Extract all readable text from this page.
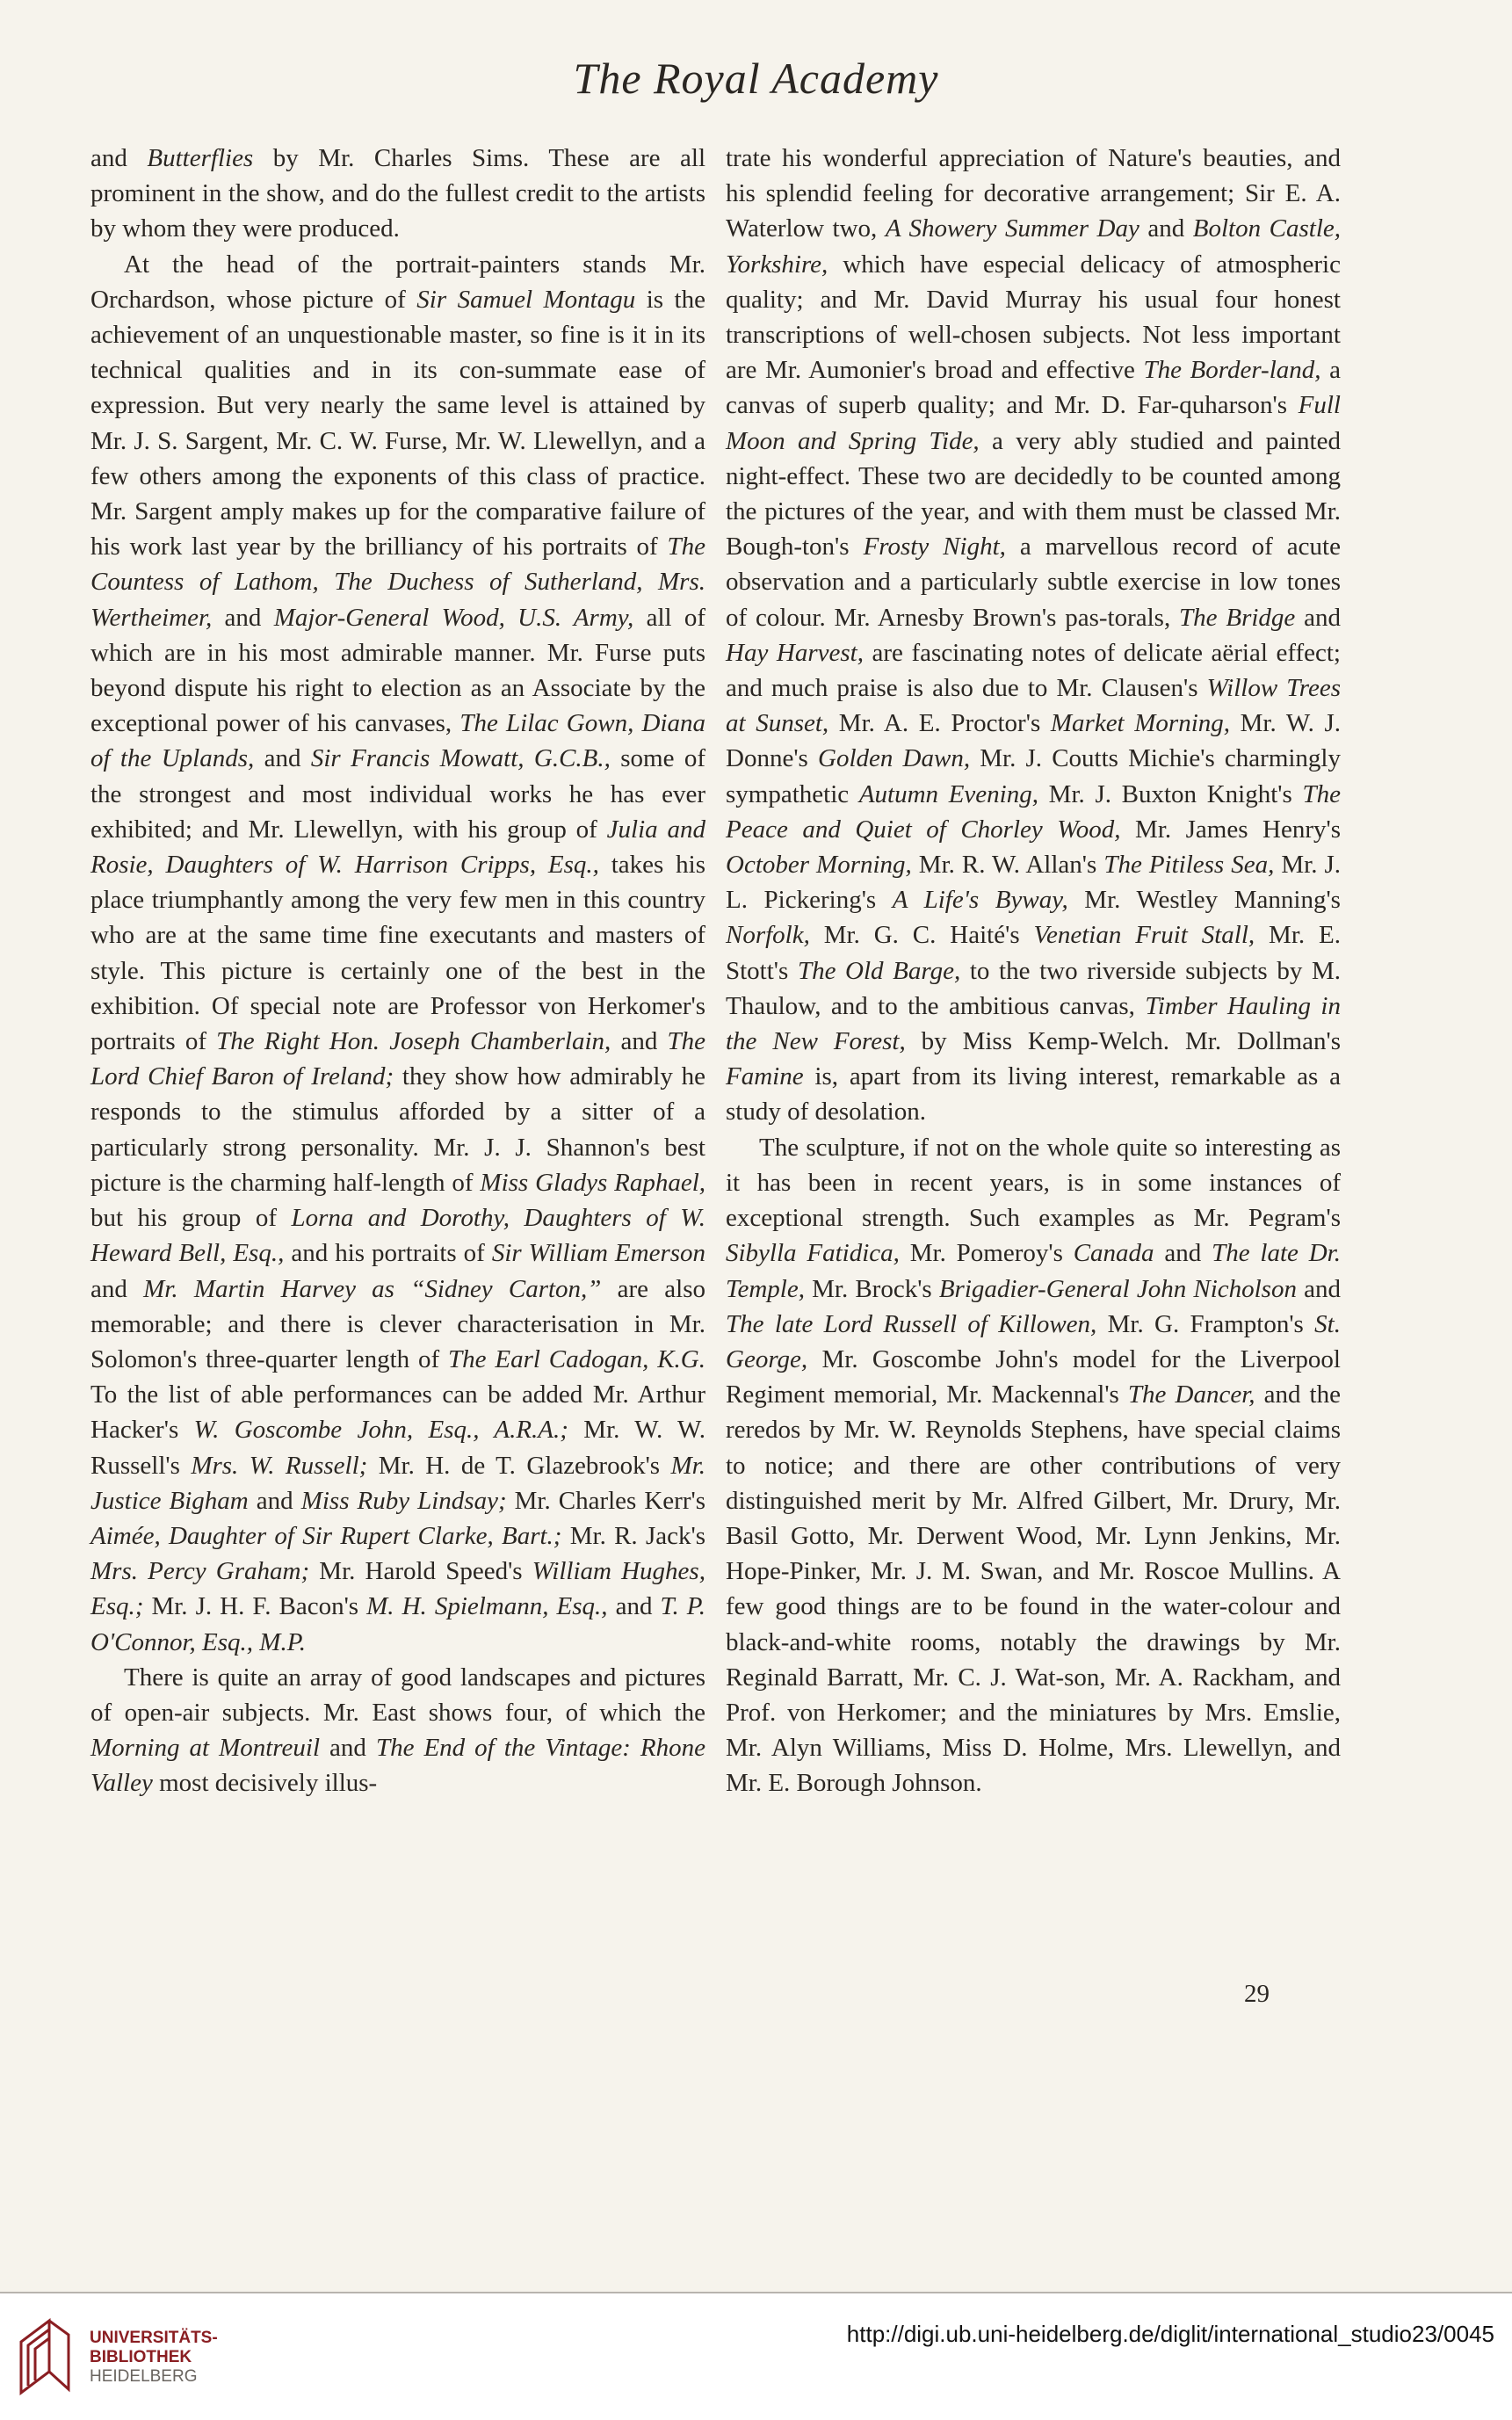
The Royal Academy

and Butterflies by Mr. Charles Sims. These are all prominent in the show, and do the fullest credit to the artists by whom they were produced.

At the head of the portrait-painters stands Mr. Orchardson, whose picture of Sir Samuel Montagu is the achievement of an unquestionable master, so fine is it in its technical qualities and in its con-summate ease of expression. But very nearly the same level is attained by Mr. J. S. Sargent, Mr. C. W. Furse, Mr. W. Llewellyn, and a few others among the exponents of this class of practice. Mr. Sargent amply makes up for the comparative failure of his work last year by the brilliancy of his portraits of The Countess of Lathom, The Duchess of Sutherland, Mrs. Wertheimer, and Major-General Wood, U.S. Army, all of which are in his most admirable manner. Mr. Furse puts beyond dispute his right to election as an Associate by the exceptional power of his canvases, The Lilac Gown, Diana of the Uplands, and Sir Francis Mowatt, G.C.B., some of the strongest and most individual works he has ever exhibited; and Mr. Llewellyn, with his group of Julia and Rosie, Daughters of W. Harrison Cripps, Esq., takes his place triumphantly among the very few men in this country who are at the same time fine executants and masters of style. This picture is certainly one of the best in the exhibition. Of special note are Professor von Herkomer's portraits of The Right Hon. Joseph Chamberlain, and The Lord Chief Baron of Ireland; they show how admirably he responds to the stimulus afforded by a sitter of a particularly strong personality. Mr. J. J. Shannon's best picture is the charming half-length of Miss Gladys Raphael, but his group of Lorna and Dorothy, Daughters of W. Heward Bell, Esq., and his portraits of Sir William Emerson and Mr. Martin Harvey as “Sidney Carton,” are also memorable; and there is clever characterisation in Mr. Solomon's three-quarter length of The Earl Cadogan, K.G. To the list of able performances can be added Mr. Arthur Hacker's W. Goscombe John, Esq., A.R.A.; Mr. W. W. Russell's Mrs. W. Russell; Mr. H. de T. Glazebrook's Mr. Justice Bigham and Miss Ruby Lindsay; Mr. Charles Kerr's Aimée, Daughter of Sir Rupert Clarke, Bart.; Mr. R. Jack's Mrs. Percy Graham; Mr. Harold Speed's William Hughes, Esq.; Mr. J. H. F. Bacon's M. H. Spielmann, Esq., and T. P. O'Connor, Esq., M.P.

There is quite an array of good landscapes and pictures of open-air subjects. Mr. East shows four, of which the Morning at Montreuil and The End of the Vintage: Rhone Valley most decisively illus-

trate his wonderful appreciation of Nature's beauties, and his splendid feeling for decorative arrangement; Sir E. A. Waterlow two, A Showery Summer Day and Bolton Castle, Yorkshire, which have especial delicacy of atmospheric quality; and Mr. David Murray his usual four honest transcriptions of well-chosen subjects. Not less important are Mr. Aumonier's broad and effective The Border-land, a canvas of superb quality; and Mr. D. Far-quharson's Full Moon and Spring Tide, a very ably studied and painted night-effect. These two are decidedly to be counted among the pictures of the year, and with them must be classed Mr. Bough-ton's Frosty Night, a marvellous record of acute observation and a particularly subtle exercise in low tones of colour. Mr. Arnesby Brown's pas-torals, The Bridge and Hay Harvest, are fascinating notes of delicate aërial effect; and much praise is also due to Mr. Clausen's Willow Trees at Sunset, Mr. A. E. Proctor's Market Morning, Mr. W. J. Donne's Golden Dawn, Mr. J. Coutts Michie's charmingly sympathetic Autumn Evening, Mr. J. Buxton Knight's The Peace and Quiet of Chorley Wood, Mr. James Henry's October Morning, Mr. R. W. Allan's The Pitiless Sea, Mr. J. L. Pickering's A Life's Byway, Mr. Westley Manning's Norfolk, Mr. G. C. Haité's Venetian Fruit Stall, Mr. E. Stott's The Old Barge, to the two riverside subjects by M. Thaulow, and to the ambitious canvas, Timber Hauling in the New Forest, by Miss Kemp-Welch. Mr. Dollman's Famine is, apart from its living interest, remarkable as a study of desolation.

The sculpture, if not on the whole quite so interesting as it has been in recent years, is in some instances of exceptional strength. Such examples as Mr. Pegram's Sibylla Fatidica, Mr. Pomeroy's Canada and The late Dr. Temple, Mr. Brock's Brigadier-General John Nicholson and The late Lord Russell of Killowen, Mr. G. Frampton's St. George, Mr. Goscombe John's model for the Liverpool Regiment memorial, Mr. Mackennal's The Dancer, and the reredos by Mr. W. Reynolds Stephens, have special claims to notice; and there are other contributions of very distinguished merit by Mr. Alfred Gilbert, Mr. Drury, Mr. Basil Gotto, Mr. Derwent Wood, Mr. Lynn Jenkins, Mr. Hope-Pinker, Mr. J. M. Swan, and Mr. Roscoe Mullins. A few good things are to be found in the water-colour and black-and-white rooms, notably the drawings by Mr. Reginald Barratt, Mr. C. J. Wat-son, Mr. A. Rackham, and Prof. von Herkomer; and the miniatures by Mrs. Emslie, Mr. Alyn Williams, Miss D. Holme, Mrs. Llewellyn, and Mr. E. Borough Johnson.

29
UNIVERSITÄTS-
BIBLIOTHEK
HEIDELBERG
http://digi.ub.uni-heidelberg.de/diglit/international_studio23/0045
